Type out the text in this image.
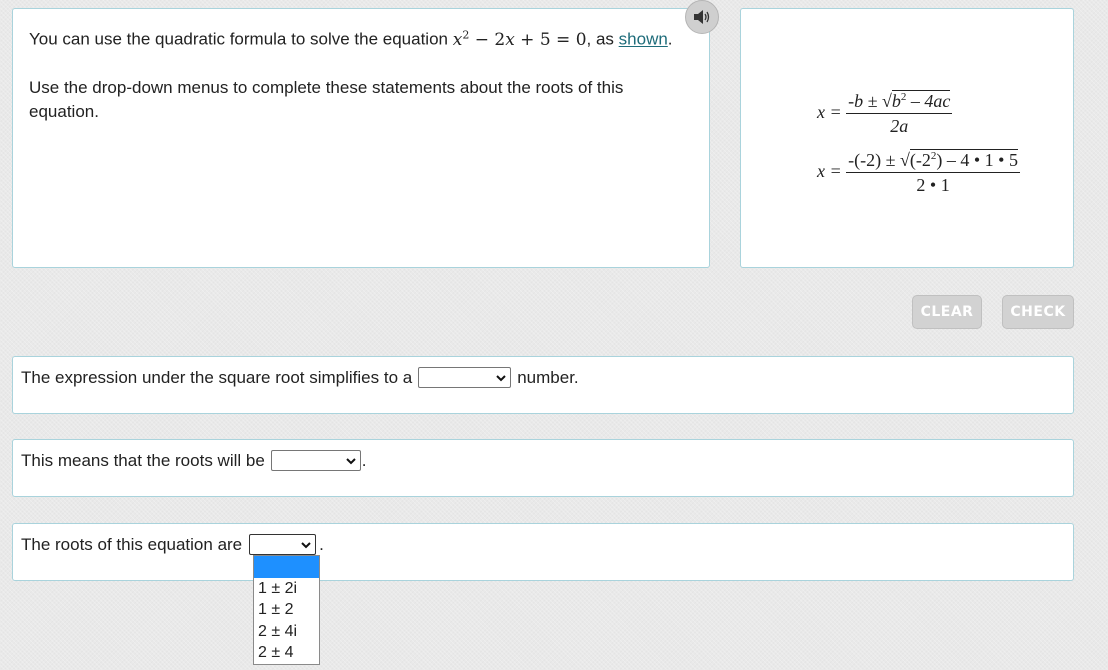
You can use the quadratic formula to solve the equation $x^2 - 2x + 5 = 0$, as shown.
Use the drop-down menus to complete these statements about the roots of this equation.	$x = \frac{-b \pm √b^2 - 4ac}{2a}$
$x = \frac{-(-2) \pm √(-2^2) - 4 • 1 • 5}{2 • 1}$
CLEAR	CHECK
The expression under the square root simplifies to a	number.
This means that the roots will be	.
The roots of this equation are	.
1 ± 2i
1 ± 2
2 ± 4i
2 ± 4
